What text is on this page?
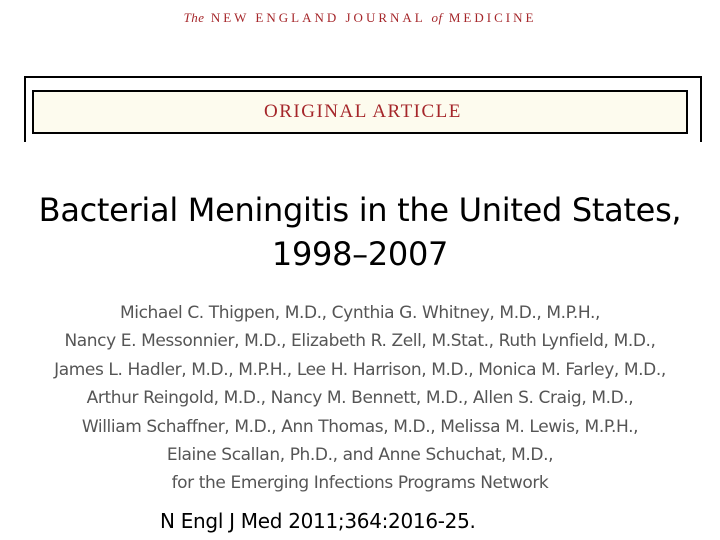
The NEW ENGLAND JOURNAL of MEDICINE
ORIGINAL ARTICLE
Bacterial Meningitis in the United States,
1998–2007
Michael C. Thigpen, M.D., Cynthia G. Whitney, M.D., M.P.H.,
Nancy E. Messonnier, M.D., Elizabeth R. Zell, M.Stat., Ruth Lynfield, M.D.,
James L. Hadler, M.D., M.P.H., Lee H. Harrison, M.D., Monica M. Farley, M.D.,
Arthur Reingold, M.D., Nancy M. Bennett, M.D., Allen S. Craig, M.D.,
William Schaffner, M.D., Ann Thomas, M.D., Melissa M. Lewis, M.P.H.,
Elaine Scallan, Ph.D., and Anne Schuchat, M.D.,
for the Emerging Infections Programs Network
N Engl J Med 2011;364:2016-25.
